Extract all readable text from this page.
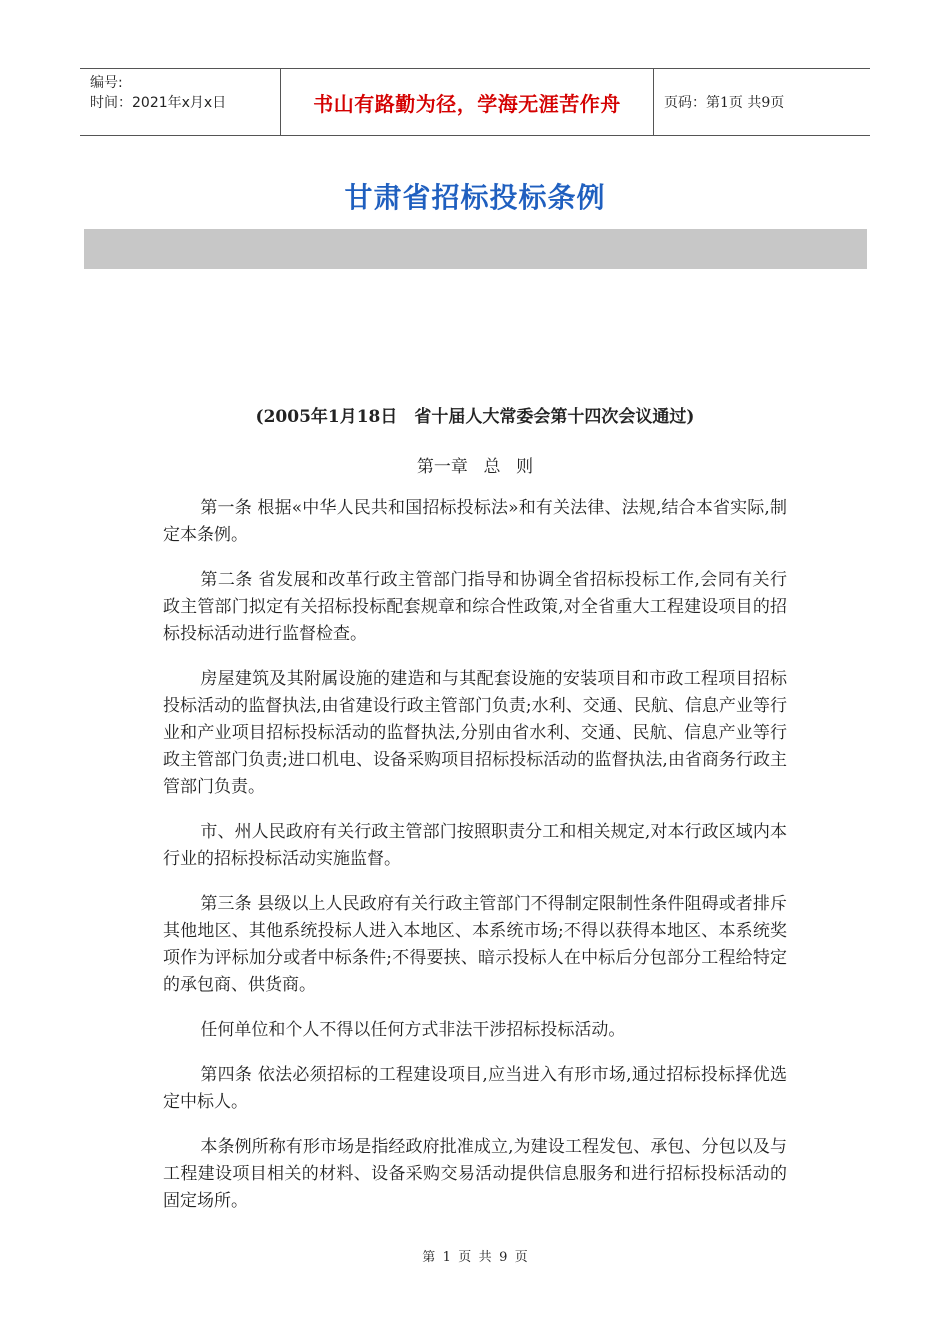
编号:
时间：2021年x月x日	书山有路勤为径，学海无涯苦作舟	页码：第1页 共9页
甘肃省招标投标条例
(2005年1月18日　省十届人大常委会第十四次会议通过)
第一章 总 则

第一条 根据«中华人民共和国招标投标法»和有关法律、法规,结合本省实际,制定本条例。

第二条 省发展和改革行政主管部门指导和协调全省招标投标工作,会同有关行政主管部门拟定有关招标投标配套规章和综合性政策,对全省重大工程建设项目的招标投标活动进行监督检查。

房屋建筑及其附属设施的建造和与其配套设施的安装项目和市政工程项目招标投标活动的监督执法,由省建设行政主管部门负责;水利、交通、民航、信息产业等行业和产业项目招标投标活动的监督执法,分别由省水利、交通、民航、信息产业等行政主管部门负责;进口机电、设备采购项目招标投标活动的监督执法,由省商务行政主管部门负责。

市、州人民政府有关行政主管部门按照职责分工和相关规定,对本行政区域内本行业的招标投标活动实施监督。

第三条 县级以上人民政府有关行政主管部门不得制定限制性条件阻碍或者排斥其他地区、其他系统投标人进入本地区、本系统市场;不得以获得本地区、本系统奖项作为评标加分或者中标条件;不得要挟、暗示投标人在中标后分包部分工程给特定的承包商、供货商。

任何单位和个人不得以任何方式非法干涉招标投标活动。

第四条 依法必须招标的工程建设项目,应当进入有形市场,通过招标投标择优选定中标人。

本条例所称有形市场是指经政府批准成立,为建设工程发包、承包、分包以及与工程建设项目相关的材料、设备采购交易活动提供信息服务和进行招标投标活动的固定场所。

第 1 页 共 9 页
